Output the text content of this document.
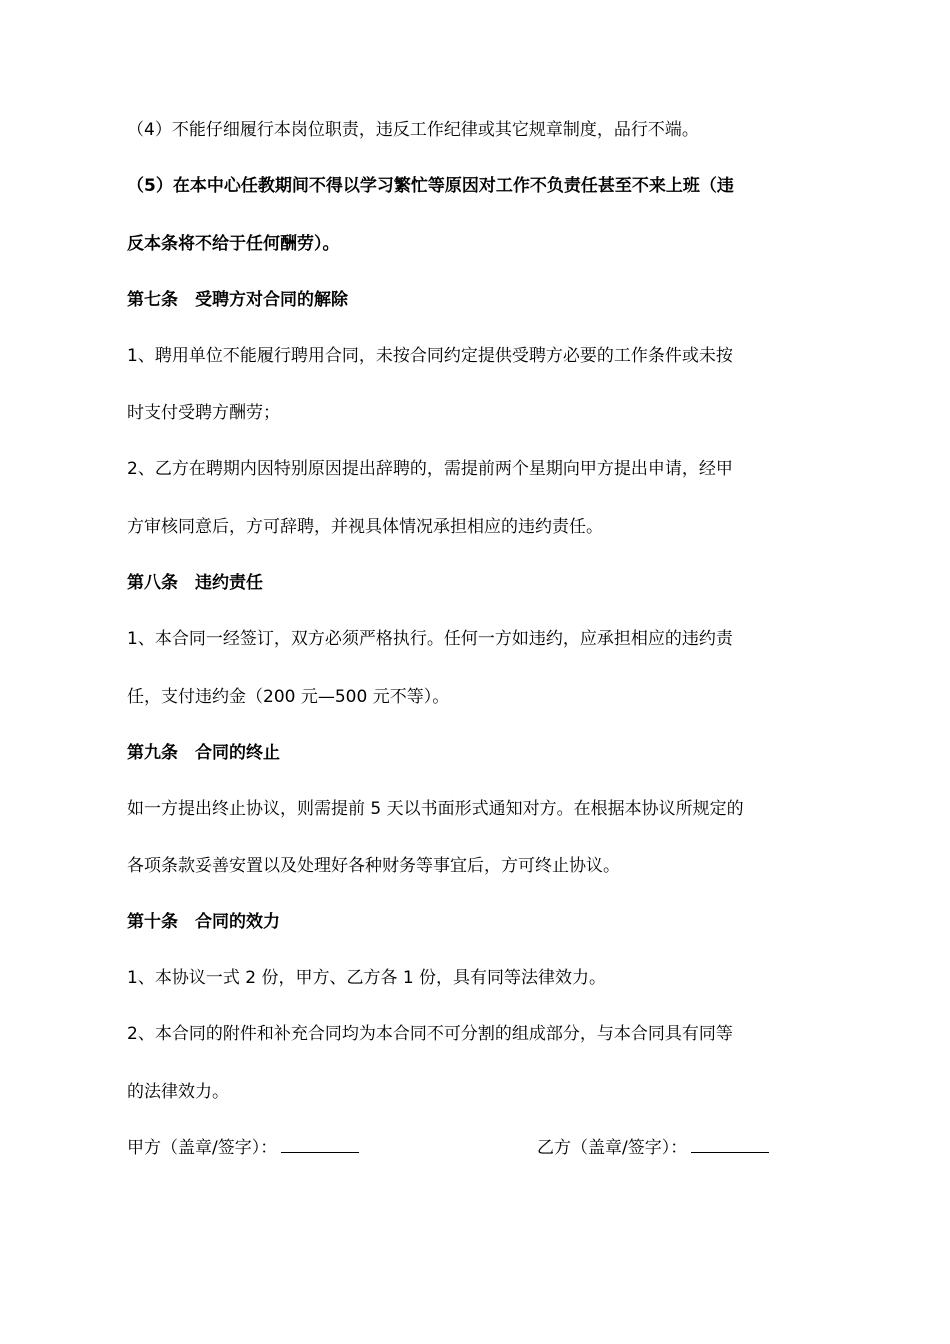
（4）不能仔细履行本岗位职责，违反工作纪律或其它规章制度，品行不端。
（5）在本中心任教期间不得以学习繁忙等原因对工作不负责任甚至不来上班（违
反本条将不给于任何酬劳）。
第七条　受聘方对合同的解除
1、聘用单位不能履行聘用合同，未按合同约定提供受聘方必要的工作条件或未按
时支付受聘方酬劳；
2、乙方在聘期内因特别原因提出辞聘的，需提前两个星期向甲方提出申请，经甲
方审核同意后，方可辞聘，并视具体情况承担相应的违约责任。
第八条　违约责任
1、本合同一经签订，双方必须严格执行。任何一方如违约，应承担相应的违约责
任，支付违约金（200 元—500 元不等）。
第九条　合同的终止
如一方提出终止协议，则需提前 5 天以书面形式通知对方。在根据本协议所规定的
各项条款妥善安置以及处理好各种财务等事宜后，方可终止协议。
第十条　合同的效力
1、本协议一式 2 份，甲方、乙方各 1 份，具有同等法律效力。
2、本合同的附件和补充合同均为本合同不可分割的组成部分，与本合同具有同等
的法律效力。
甲方（盖章/签字）：	乙方（盖章/签字）：
